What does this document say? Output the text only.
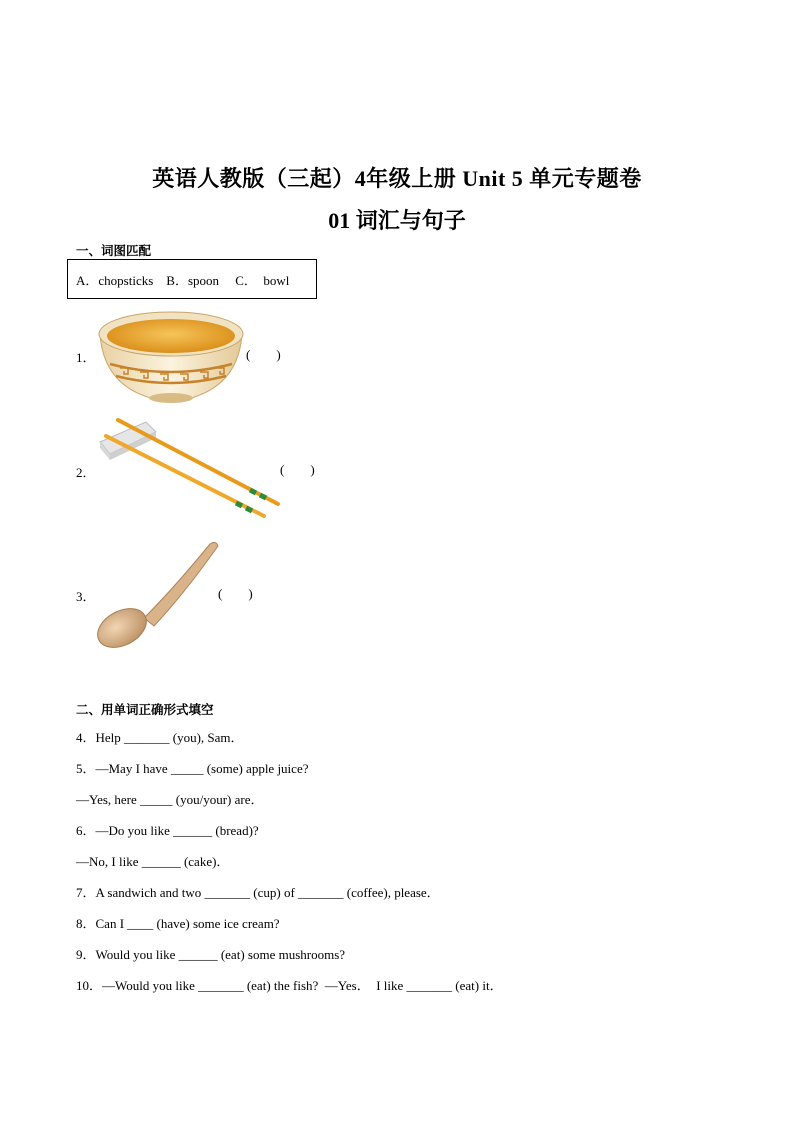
英语人教版（三起）4年级上册 Unit 5 单元专题卷
01 词汇与句子
一、词图匹配
A．chopsticks    B．spoon     C．  bowl
1．	(        )
2．	(        )
3．	(        )
二、用单词正确形式填空
4．Help _______ (you), Sam．
5．—May I have _____ (some) apple juice?
—Yes, here _____ (you/your) are．
6．—Do you like ______ (bread)?
—No, I like ______ (cake)．
7．A sandwich and two _______ (cup) of _______ (coffee), please．
8．Can I ____ (have) some ice cream?
9．Would you like ______ (eat) some mushrooms?
10．—Would you like _______ (eat) the fish?  —Yes．  I like _______ (eat) it．
